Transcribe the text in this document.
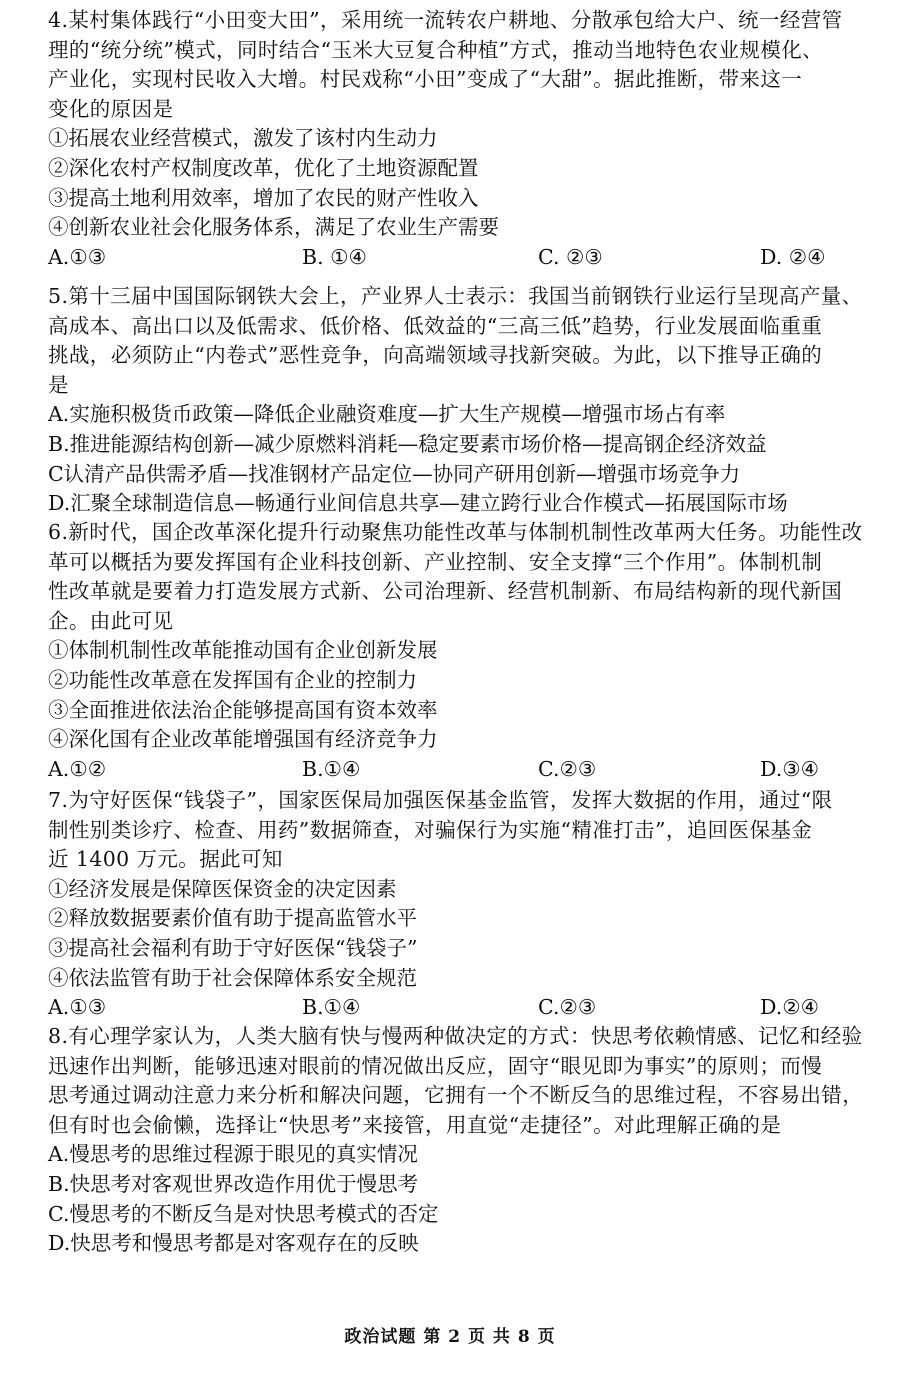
4.某村集体践行“小田变大田”，采用统一流转农户耕地、分散承包给大户、统一经营管
理的“统分统”模式，同时结合“玉米大豆复合种植”方式，推动当地特色农业规模化、
产业化，实现村民收入大增。村民戏称“小田”变成了“大甜”。据此推断，带来这一
变化的原因是
①拓展农业经营模式，激发了该村内生动力
②深化农村产权制度改革，优化了土地资源配置
③提高土地利用效率，增加了农民的财产性收入
④创新农业社会化服务体系，满足了农业生产需要
A.①③	B. ①④	C. ②③	D. ②④
5.第十三届中国国际钢铁大会上，产业界人士表示：我国当前钢铁行业运行呈现高产量、
高成本、高出口以及低需求、低价格、低效益的“三高三低”趋势，行业发展面临重重
挑战，必须防止“内卷式”恶性竞争，向高端领域寻找新突破。为此，以下推导正确的
是
A.实施积极货币政策—降低企业融资难度—扩大生产规模—增强市场占有率
B.推进能源结构创新—减少原燃料消耗—稳定要素市场价格—提高钢企经济效益
C认清产品供需矛盾—找准钢材产品定位—协同产研用创新—增强市场竞争力
D.汇聚全球制造信息—畅通行业间信息共享—建立跨行业合作模式—拓展国际市场
6.新时代，国企改革深化提升行动聚焦功能性改革与体制机制性改革两大任务。功能性改
革可以概括为要发挥国有企业科技创新、产业控制、安全支撑“三个作用”。体制机制
性改革就是要着力打造发展方式新、公司治理新、经营机制新、布局结构新的现代新国
企。由此可见
①体制机制性改革能推动国有企业创新发展
②功能性改革意在发挥国有企业的控制力
③全面推进依法治企能够提高国有资本效率
④深化国有企业改革能增强国有经济竞争力
A.①②	B.①④	C.②③	D.③④
7.为守好医保“钱袋子”，国家医保局加强医保基金监管，发挥大数据的作用，通过“限
制性别类诊疗、检查、用药”数据筛查，对骗保行为实施“精准打击”，追回医保基金
近 1400 万元。据此可知
①经济发展是保障医保资金的决定因素
②释放数据要素价值有助于提高监管水平
③提高社会福利有助于守好医保“钱袋子”
④依法监管有助于社会保障体系安全规范
A.①③	B.①④	C.②③	D.②④
8.有心理学家认为，人类大脑有快与慢两种做决定的方式：快思考依赖情感、记忆和经验
迅速作出判断，能够迅速对眼前的情况做出反应，固守“眼见即为事实”的原则；而慢
思考通过调动注意力来分析和解决问题，它拥有一个不断反刍的思维过程，不容易出错，
但有时也会偷懒，选择让“快思考”来接管，用直觉“走捷径”。对此理解正确的是
A.慢思考的思维过程源于眼见的真实情况
B.快思考对客观世界改造作用优于慢思考
C.慢思考的不断反刍是对快思考模式的否定
D.快思考和慢思考都是对客观存在的反映
政治试题 第 2 页 共 8 页
